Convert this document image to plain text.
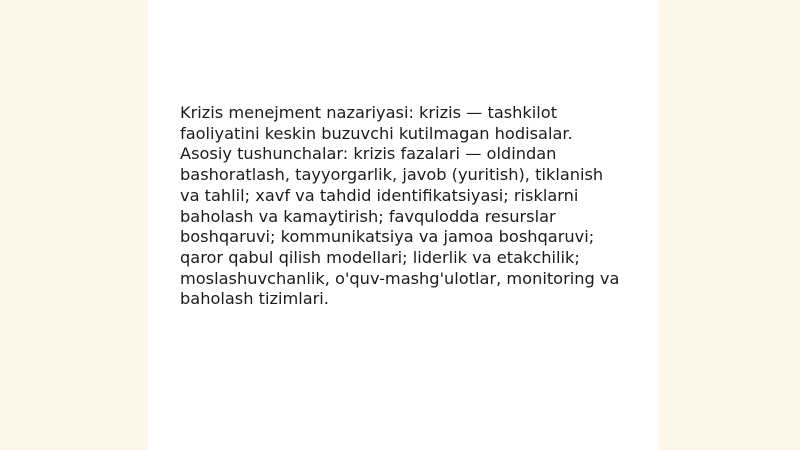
Krizis menejment nazariyasi: krizis — tashkilot
faoliyatini keskin buzuvchi kutilmagan hodisalar.
Asosiy tushunchalar: krizis fazalari — oldindan
bashoratlash, tayyorgarlik, javob (yuritish), tiklanish
va tahlil; xavf va tahdid identifikatsiyasi; risklarni
baholash va kamaytirish; favqulodda resurslar
boshqaruvi; kommunikatsiya va jamoa boshqaruvi;
qaror qabul qilish modellari; liderlik va etakchilik;
moslashuvchanlik, o'quv-mashg'ulotlar, monitoring va
baholash tizimlari.
